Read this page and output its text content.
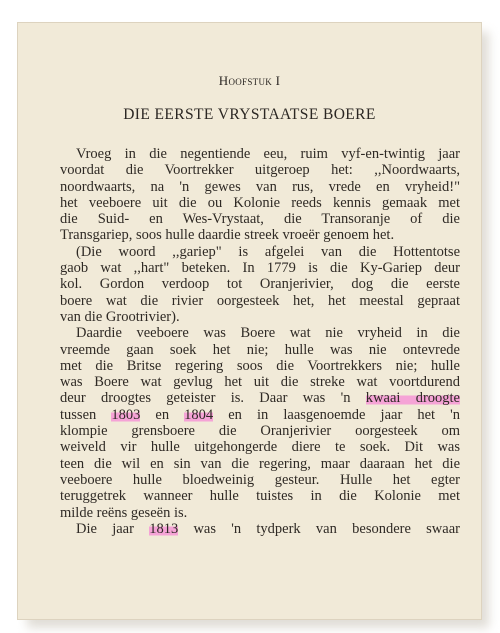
Hoofstuk I
DIE EERSTE VRYSTAATSE BOERE
Vroeg in die negentiende eeu, ruim vyf-en-twintig jaar
voordat die Voortrekker uitgeroep het: ,,Noordwaarts,
noordwaarts, na 'n gewes van rus, vrede en vryheid!"
het veeboere uit die ou Kolonie reeds kennis gemaak met
die Suid- en Wes-Vrystaat, die Transoranje of die
Transgariep, soos hulle daardie streek vroeër genoem het.
(Die woord ,,gariep" is afgelei van die Hottentotse
gaob wat ,,hart" beteken. In 1779 is die Ky-Gariep deur
kol. Gordon verdoop tot Oranjerivier, dog die eerste
boere wat die rivier oorgesteek het, het meestal gepraat
van die Grootrivier).
Daardie veeboere was Boere wat nie vryheid in die
vreemde gaan soek het nie; hulle was nie ontevrede
met die Britse regering soos die Voortrekkers nie; hulle
was Boere wat gevlug het uit die streke wat voortdurend
deur droogtes geteister is. Daar was 'n kwaai droogte
tussen 1803 en 1804 en in laasgenoemde jaar het 'n
klompie grensboere die Oranjerivier oorgesteek om
weiveld vir hulle uitgehongerde diere te soek. Dit was
teen die wil en sin van die regering, maar daaraan het die
veeboere hulle bloedweinig gesteur. Hulle het egter
teruggetrek wanneer hulle tuistes in die Kolonie met
milde reëns geseën is.
Die jaar 1813 was 'n tydperk van besondere swaar
